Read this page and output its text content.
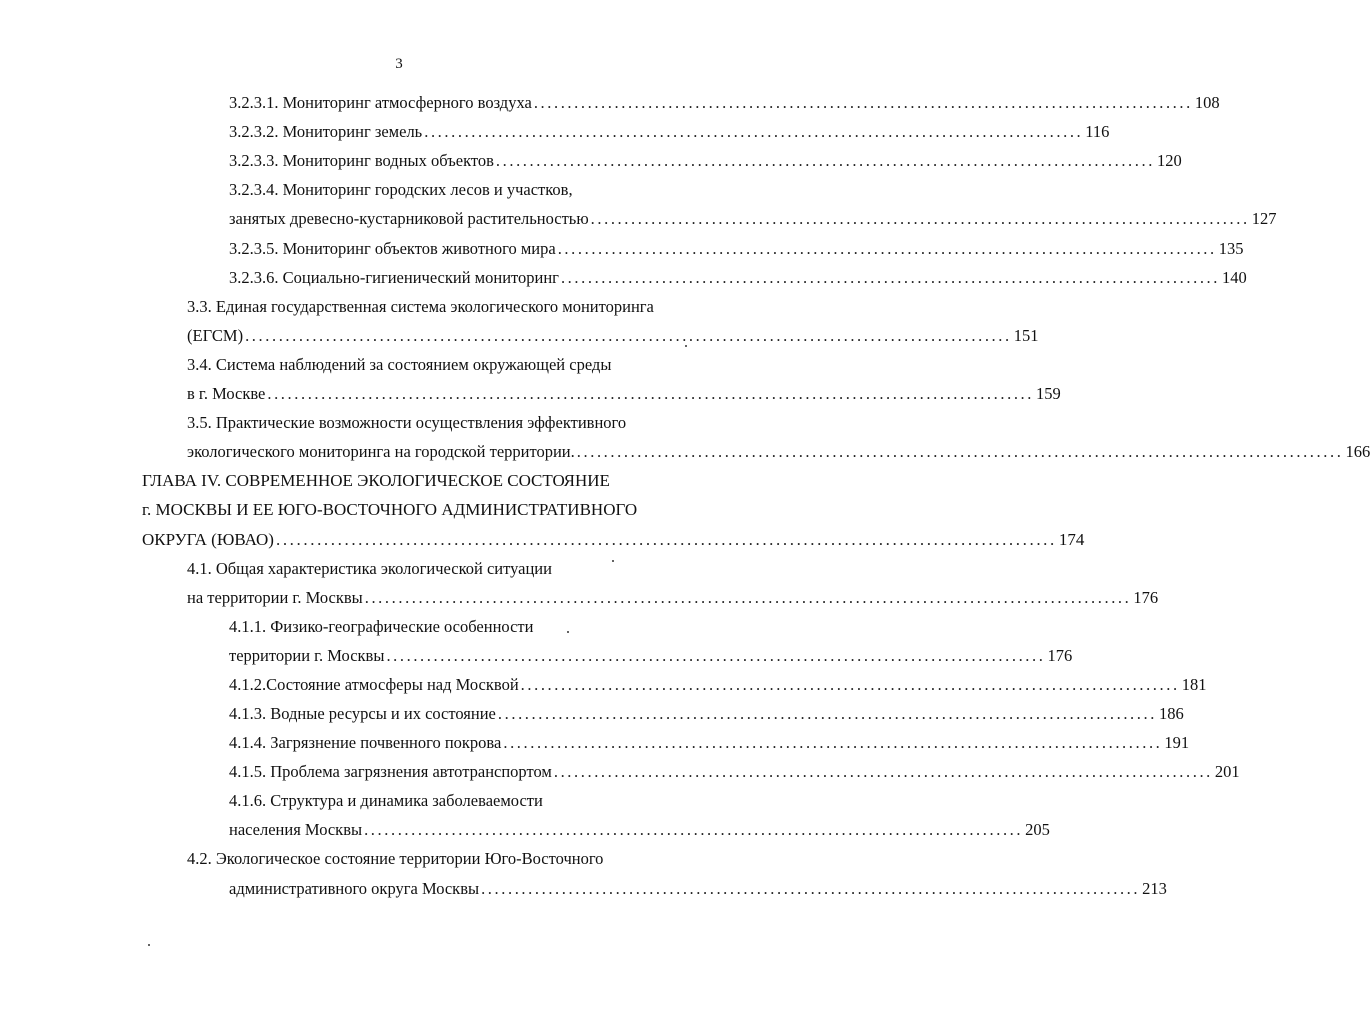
3
3.2.3.1. Мониторинг атмосферного воздуха .................................................................................................. 108
3.2.3.2. Мониторинг земель .................................................................................................. 116
3.2.3.3. Мониторинг водных объектов .................................................................................................. 120
3.2.3.4. Мониторинг городских лесов и участков,
занятых древесно-кустарниковой растительностью .................................................................................................. 127
3.2.3.5. Мониторинг объектов животного мира .................................................................................................. 135
3.2.3.6. Социально-гигиенический мониторинг .................................................................................................. 140
3.3. Единая государственная система экологического мониторинга
(ЕГСМ) .................................................................................................................. 151
3.4. Система наблюдений за состоянием окружающей среды
в г. Москве .................................................................................................................. 159
3.5. Практические возможности осуществления эффективного
экологического мониторинга на городской территории. .................................................................................................................. 166
ГЛАВА IV. СОВРЕМЕННОЕ ЭКОЛОГИЧЕСКОЕ СОСТОЯНИЕ
г. МОСКВЫ И ЕЕ ЮГО-ВОСТОЧНОГО АДМИНИСТРАТИВНОГО
ОКРУГА (ЮВАО) .................................................................................................................. 174
4.1. Общая характеристика экологической ситуации
на территории г. Москвы .................................................................................................................. 176
4.1.1. Физико-географические особенности
территории г. Москвы .................................................................................................. 176
4.1.2.Состояние атмосферы над Москвой .................................................................................................. 181
4.1.3. Водные ресурсы и их состояние .................................................................................................. 186
4.1.4. Загрязнение почвенного покрова .................................................................................................. 191
4.1.5. Проблема загрязнения автотранспортом .................................................................................................. 201
4.1.6. Структура и динамика заболеваемости
населения Москвы .................................................................................................. 205
4.2. Экологическое состояние территории Юго-Восточного
административного округа Москвы .................................................................................................. 213
